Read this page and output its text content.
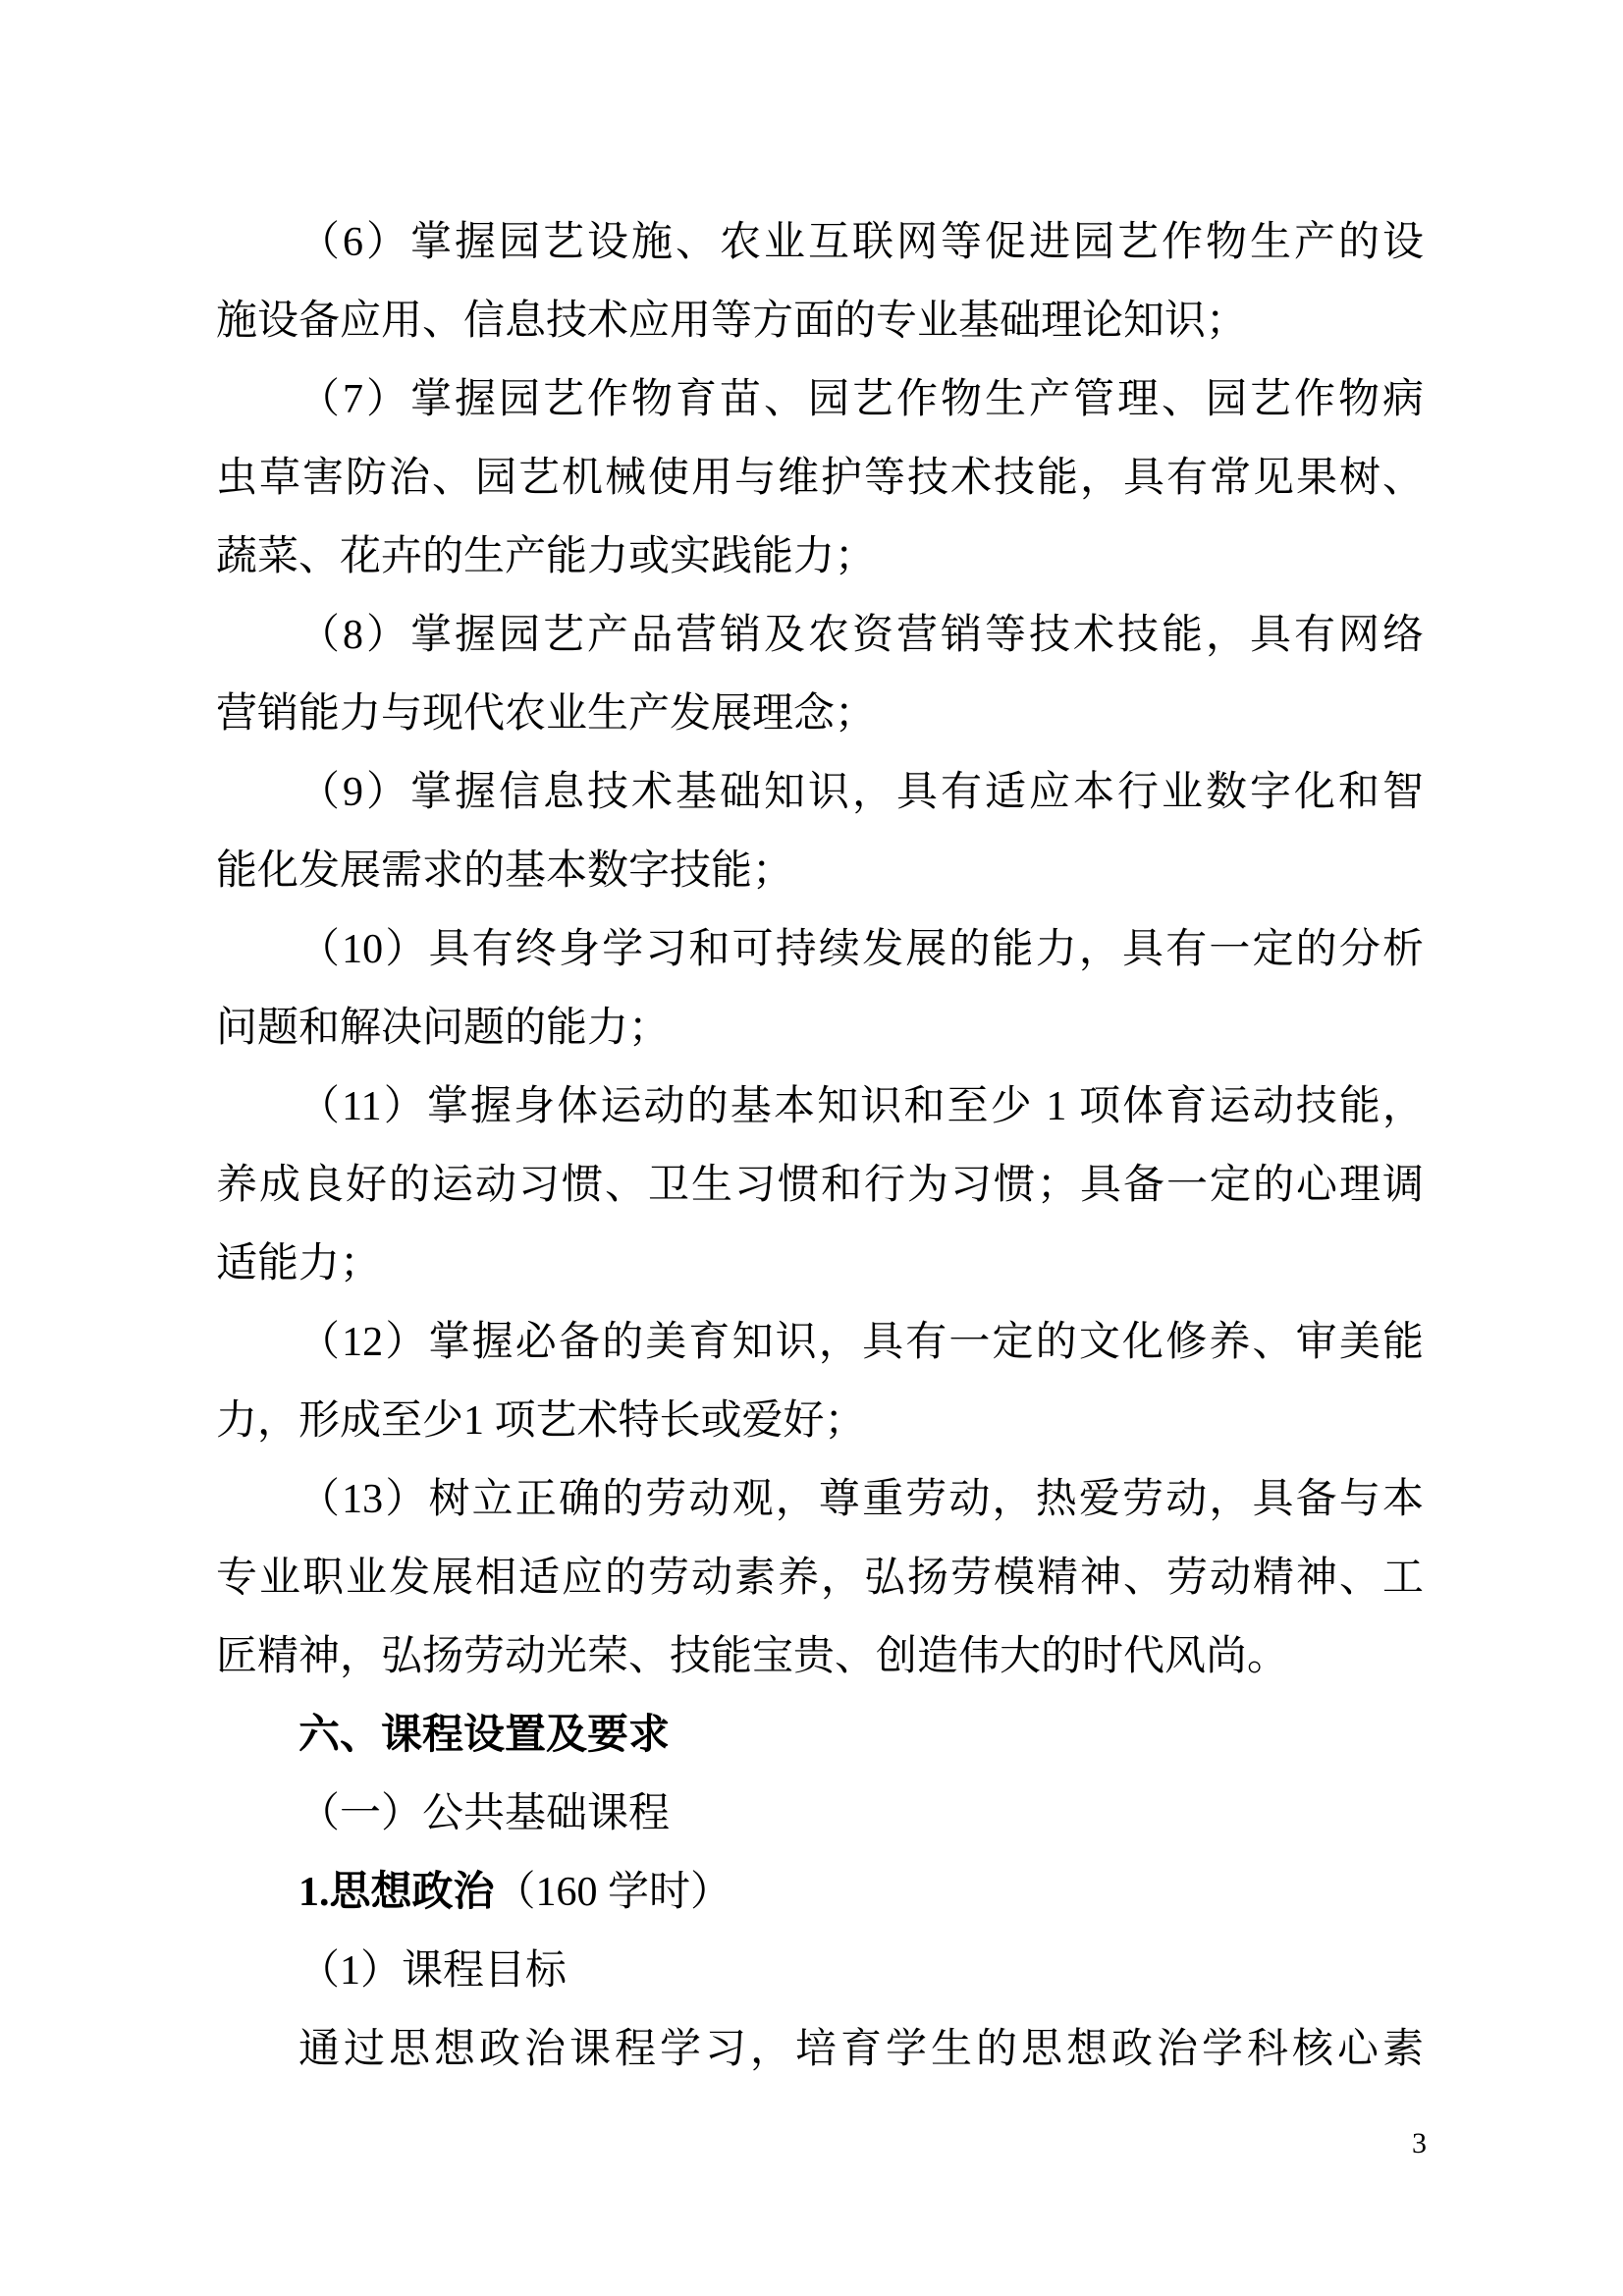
（6）掌握园艺设施、农业互联网等促进园艺作物生产的设
施设备应用、信息技术应用等方面的专业基础理论知识；
（7）掌握园艺作物育苗、园艺作物生产管理、园艺作物病
虫草害防治、园艺机械使用与维护等技术技能，具有常见果树、
蔬菜、花卉的生产能力或实践能力；
（8）掌握园艺产品营销及农资营销等技术技能，具有网络
营销能力与现代农业生产发展理念；
（9）掌握信息技术基础知识，具有适应本行业数字化和智
能化发展需求的基本数字技能；
（10）具有终身学习和可持续发展的能力，具有一定的分析
问题和解决问题的能力；
（11）掌握身体运动的基本知识和至少 1 项体育运动技能，
养成良好的运动习惯、卫生习惯和行为习惯；具备一定的心理调
适能力；
（12）掌握必备的美育知识，具有一定的文化修养、审美能
力，形成至少1 项艺术特长或爱好；
（13）树立正确的劳动观，尊重劳动，热爱劳动，具备与本
专业职业发展相适应的劳动素养，弘扬劳模精神、劳动精神、工
匠精神，弘扬劳动光荣、技能宝贵、创造伟大的时代风尚。
六、课程设置及要求
（一）公共基础课程
1.思想政治（160 学时）
（1）课程目标
通过思想政治课程学习，培育学生的思想政治学科核心素
3
